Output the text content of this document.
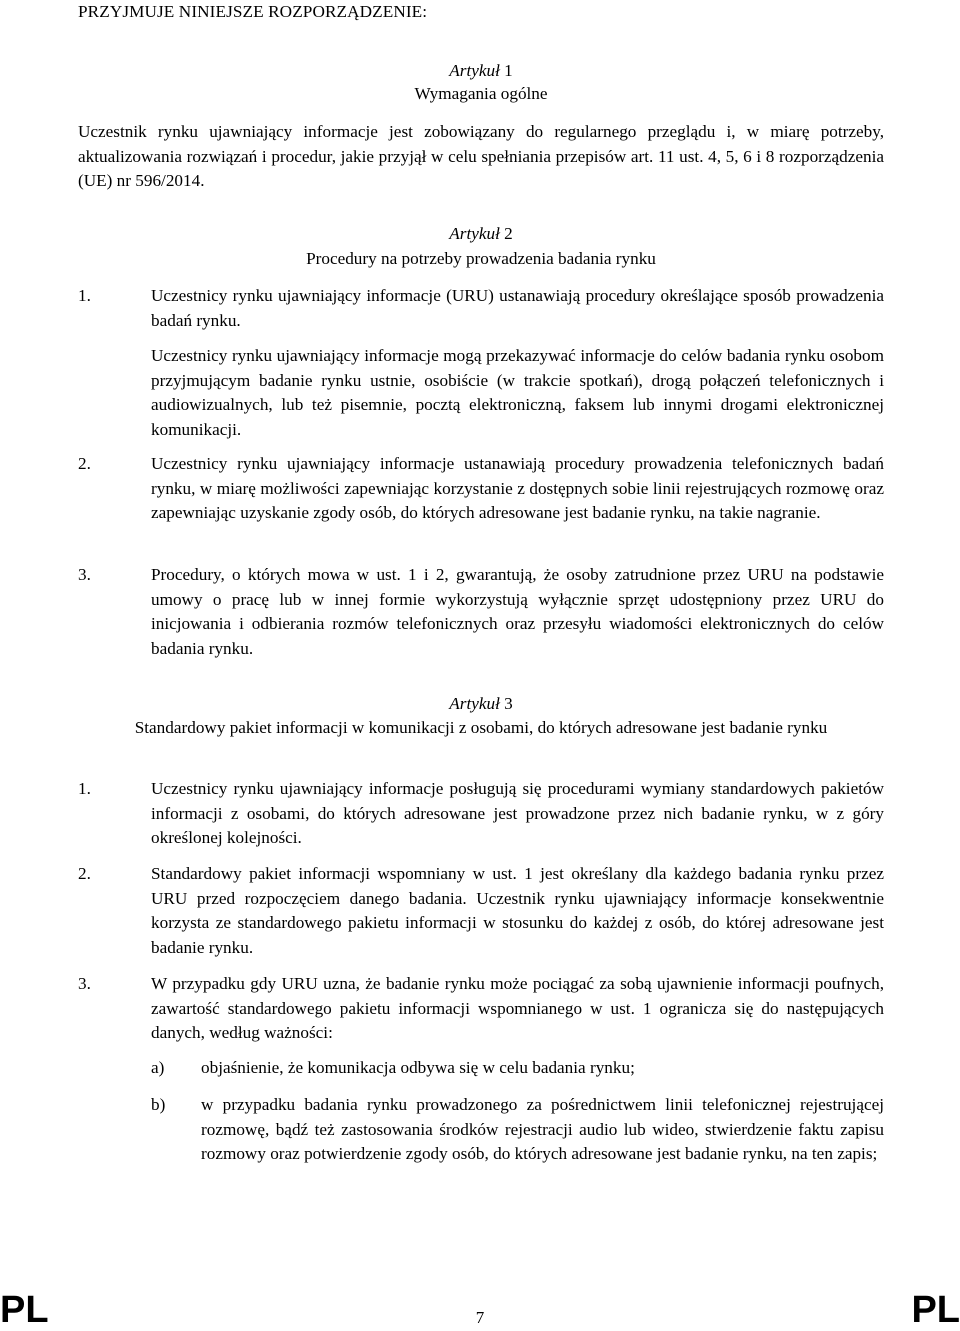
PRZYJMUJE NINIEJSZE ROZPORZĄDZENIE:
Artykuł 1
Wymagania ogólne
Uczestnik rynku ujawniający informacje jest zobowiązany do regularnego przeglądu i, w miarę potrzeby, aktualizowania rozwiązań i procedur, jakie przyjął w celu spełniania przepisów art. 11 ust. 4, 5, 6 i 8 rozporządzenia (UE) nr 596/2014.
Artykuł 2
Procedury na potrzeby prowadzenia badania rynku
1.	Uczestnicy rynku ujawniający informacje (URU) ustanawiają procedury określające sposób prowadzenia badań rynku.
Uczestnicy rynku ujawniający informacje mogą przekazywać informacje do celów badania rynku osobom przyjmującym badanie rynku ustnie, osobiście (w trakcie spotkań), drogą połączeń telefonicznych i audiowizualnych, lub też pisemnie, pocztą elektroniczną, faksem lub innymi drogami elektronicznej komunikacji.
2.	Uczestnicy rynku ujawniający informacje ustanawiają procedury prowadzenia telefonicznych badań rynku, w miarę możliwości zapewniając korzystanie z dostępnych sobie linii rejestrujących rozmowę oraz zapewniając uzyskanie zgody osób, do których adresowane jest badanie rynku, na takie nagranie.
3.	Procedury, o których mowa w ust. 1 i 2, gwarantują, że osoby zatrudnione przez URU na podstawie umowy o pracę lub w innej formie wykorzystują wyłącznie sprzęt udostępniony przez URU do inicjowania i odbierania rozmów telefonicznych oraz przesyłu wiadomości elektronicznych do celów badania rynku.
Artykuł 3
Standardowy pakiet informacji w komunikacji z osobami, do których adresowane jest badanie rynku
1.	Uczestnicy rynku ujawniający informacje posługują się procedurami wymiany standardowych pakietów informacji z osobami, do których adresowane jest prowadzone przez nich badanie rynku, w z góry określonej kolejności.
2.	Standardowy pakiet informacji wspomniany w ust. 1 jest określany dla każdego badania rynku przez URU przed rozpoczęciem danego badania. Uczestnik rynku ujawniający informacje konsekwentnie korzysta ze standardowego pakietu informacji w stosunku do każdej z osób, do której adresowane jest badanie rynku.
3.	W przypadku gdy URU uzna, że badanie rynku może pociągać za sobą ujawnienie informacji poufnych, zawartość standardowego pakietu informacji wspomnianego w ust. 1 ogranicza się do następujących danych, według ważności:
a) objaśnienie, że komunikacja odbywa się w celu badania rynku;
b) w przypadku badania rynku prowadzonego za pośrednictwem linii telefonicznej rejestrującej rozmowę, bądź też zastosowania środków rejestracji audio lub wideo, stwierdzenie faktu zapisu rozmowy oraz potwierdzenie zgody osób, do których adresowane jest badanie rynku, na ten zapis;
PL	7	PL
